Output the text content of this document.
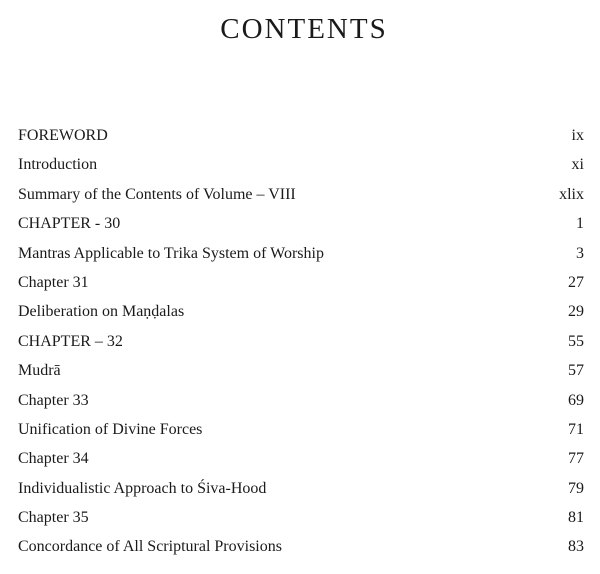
CONTENTS
FOREWORD	ix
Introduction	xi
Summary of the Contents of Volume – VIII	xlix
CHAPTER - 30	1
Mantras Applicable to Trika System of Worship	3
Chapter 31	27
Deliberation on Maṇḍalas	29
CHAPTER – 32	55
Mudrā	57
Chapter 33	69
Unification of Divine Forces	71
Chapter 34	77
Individualistic Approach to Śiva-Hood	79
Chapter 35	81
Concordance of All Scriptural Provisions	83
